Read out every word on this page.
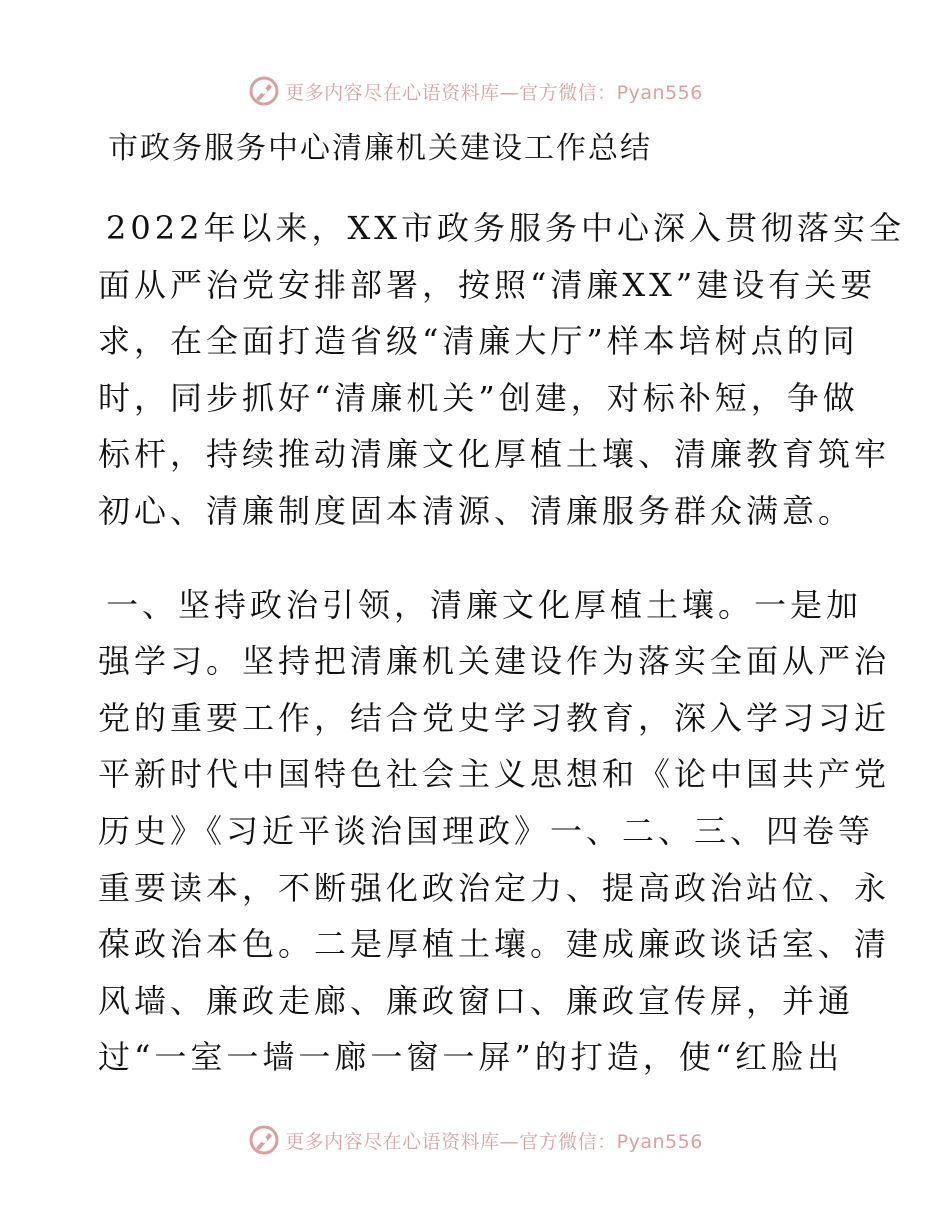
更多内容尽在心语资料库—官方微信：Pyan556
市政务服务中心清廉机关建设工作总结

2022年以来，XX市政务服务中心深入贯彻落实全
面从严治党安排部署，按照“清廉XX”建设有关要
求，在全面打造省级“清廉大厅”样本培树点的同
时，同步抓好“清廉机关”创建，对标补短，争做
标杆，持续推动清廉文化厚植土壤、清廉教育筑牢
初心、清廉制度固本清源、清廉服务群众满意。

一、坚持政治引领，清廉文化厚植土壤。一是加
强学习。坚持把清廉机关建设作为落实全面从严治
党的重要工作，结合党史学习教育，深入学习习近
平新时代中国特色社会主义思想和《论中国共产党
历史》《习近平谈治国理政》一、二、三、四卷等
重要读本，不断强化政治定力、提高政治站位、永
葆政治本色。二是厚植土壤。建成廉政谈话室、清
风墙、廉政走廊、廉政窗口、廉政宣传屏，并通
过“一室一墙一廊一窗一屏”的打造，使“红脸出

更多内容尽在心语资料库—官方微信：Pyan556
